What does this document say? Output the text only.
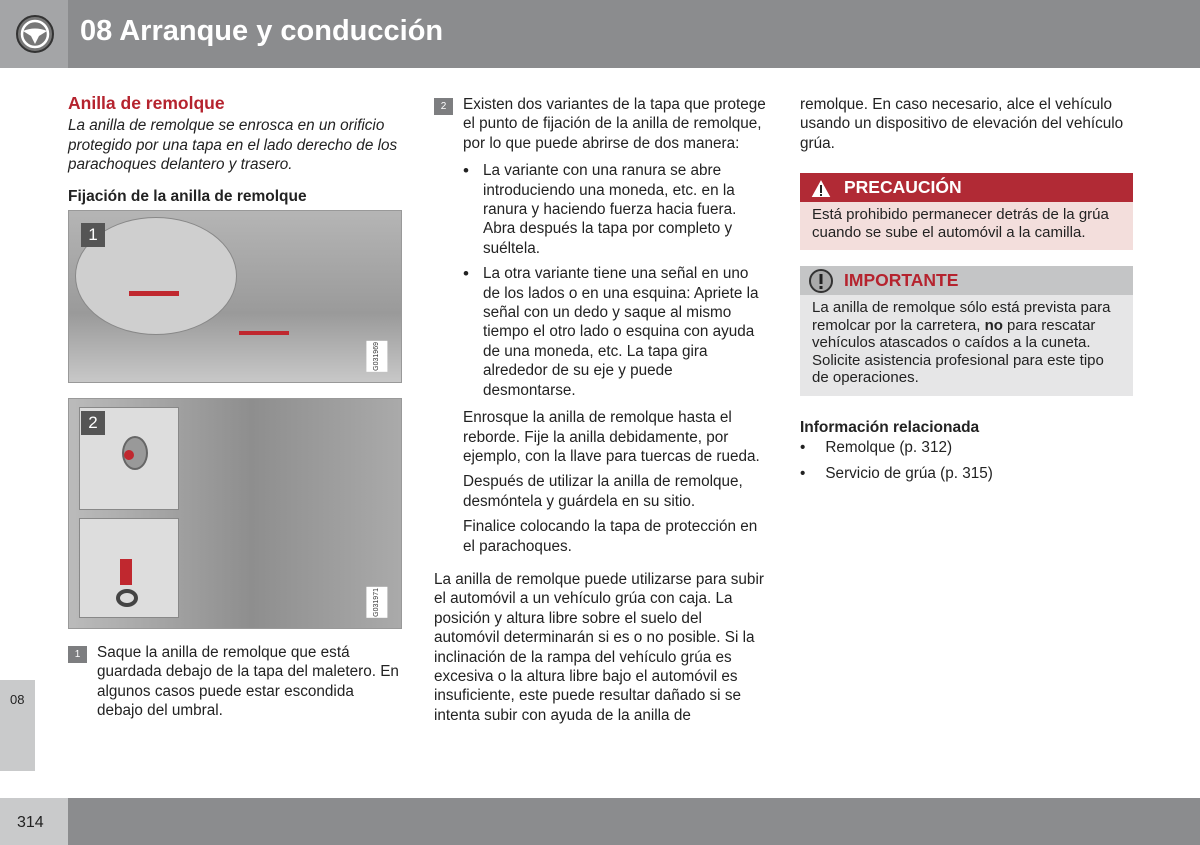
08 Arranque y conducción
08
314
Anilla de remolque

La anilla de remolque se enrosca en un orificio protegido por una tapa en el lado derecho de los parachoques delantero y trasero.

Fijación de la anilla de remolque
1
G031969
2
G031971
1	Saque la anilla de remolque que está guardada debajo de la tapa del maletero. En algunos casos puede estar escondida debajo del umbral.
2	Existen dos variantes de la tapa que protege el punto de fijación de la anilla de remolque, por lo que puede abrirse de dos manera:
• La variante con una ranura se abre introduciendo una moneda, etc. en la ranura y haciendo fuerza hacia fuera. Abra después la tapa por completo y suéltela.
• La otra variante tiene una señal en uno de los lados o en una esquina: Apriete la señal con un dedo y saque al mismo tiempo el otro lado o esquina con ayuda de una moneda, etc. La tapa gira alrededor de su eje y puede desmontarse.

Enrosque la anilla de remolque hasta el reborde. Fije la anilla debidamente, por ejemplo, con la llave para tuercas de rueda.

Después de utilizar la anilla de remolque, desmóntela y guárdela en su sitio.

Finalice colocando la tapa de protección en el parachoques.

La anilla de remolque puede utilizarse para subir el automóvil a un vehículo grúa con caja. La posición y altura libre sobre el suelo del automóvil determinarán si es o no posible. Si la inclinación de la rampa del vehículo grúa es excesiva o la altura libre bajo el automóvil es insuficiente, este puede resultar dañado si se intenta subir con ayuda de la anilla de

remolque. En caso necesario, alce el vehículo usando un dispositivo de elevación del vehículo grúa.

PRECAUCIÓN
Está prohibido permanecer detrás de la grúa cuando se sube el automóvil a la camilla.
IMPORTANTE
La anilla de remolque sólo está prevista para remolcar por la carretera, no para rescatar vehículos atascados o caídos a la cuneta. Solicite asistencia profesional para este tipo de operaciones.
Información relacionada
• Remolque (p. 312)
• Servicio de grúa (p. 315)
